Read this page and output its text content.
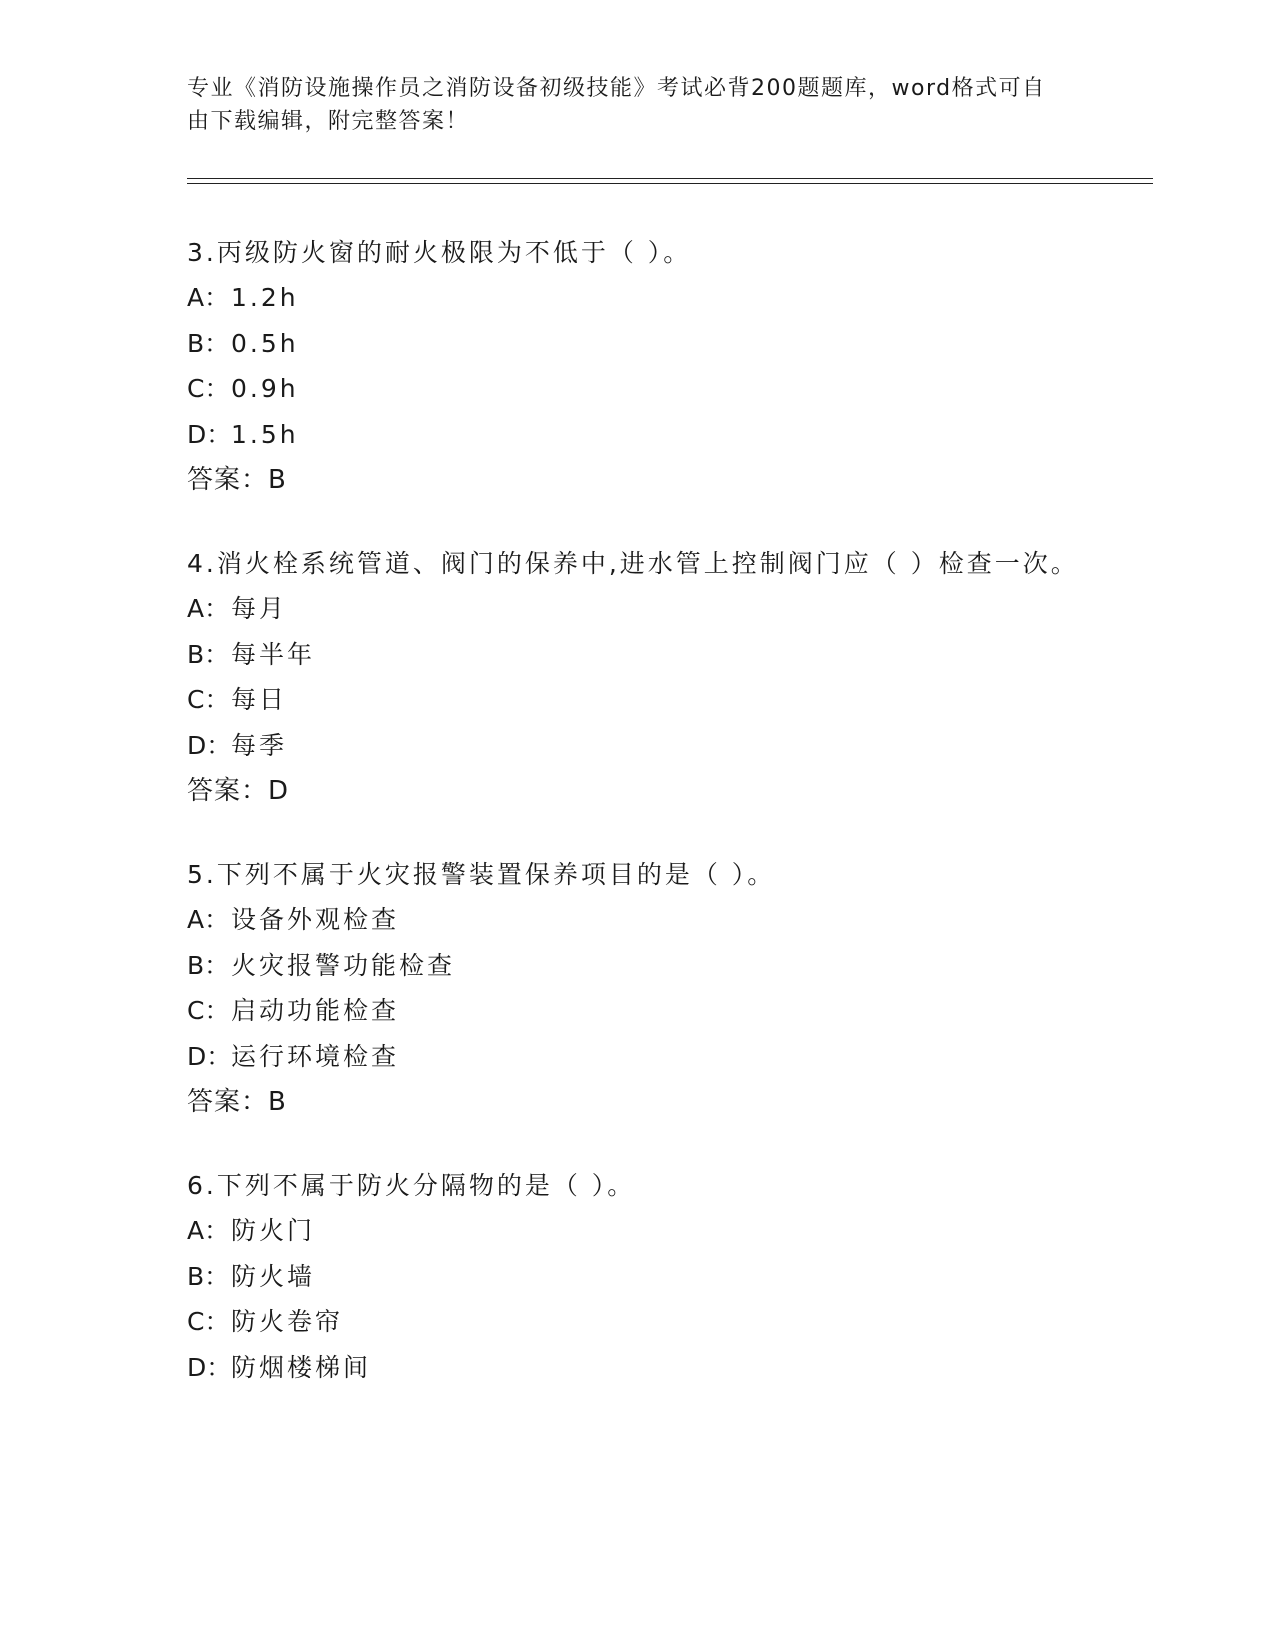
专业《消防设施操作员之消防设备初级技能》考试必背200题题库，word格式可自由下载编辑，附完整答案！
3.丙级防火窗的耐火极限为不低于（ ）。
A：1.2h
B：0.5h
C：0.9h
D：1.5h
答案：B
4.消火栓系统管道、阀门的保养中,进水管上控制阀门应（ ）检查一次。
A：每月
B：每半年
C：每日
D：每季
答案：D
5.下列不属于火灾报警装置保养项目的是（ ）。
A：设备外观检查
B：火灾报警功能检查
C：启动功能检查
D：运行环境检查
答案：B
6.下列不属于防火分隔物的是（ ）。
A：防火门
B：防火墙
C：防火卷帘
D：防烟楼梯间
